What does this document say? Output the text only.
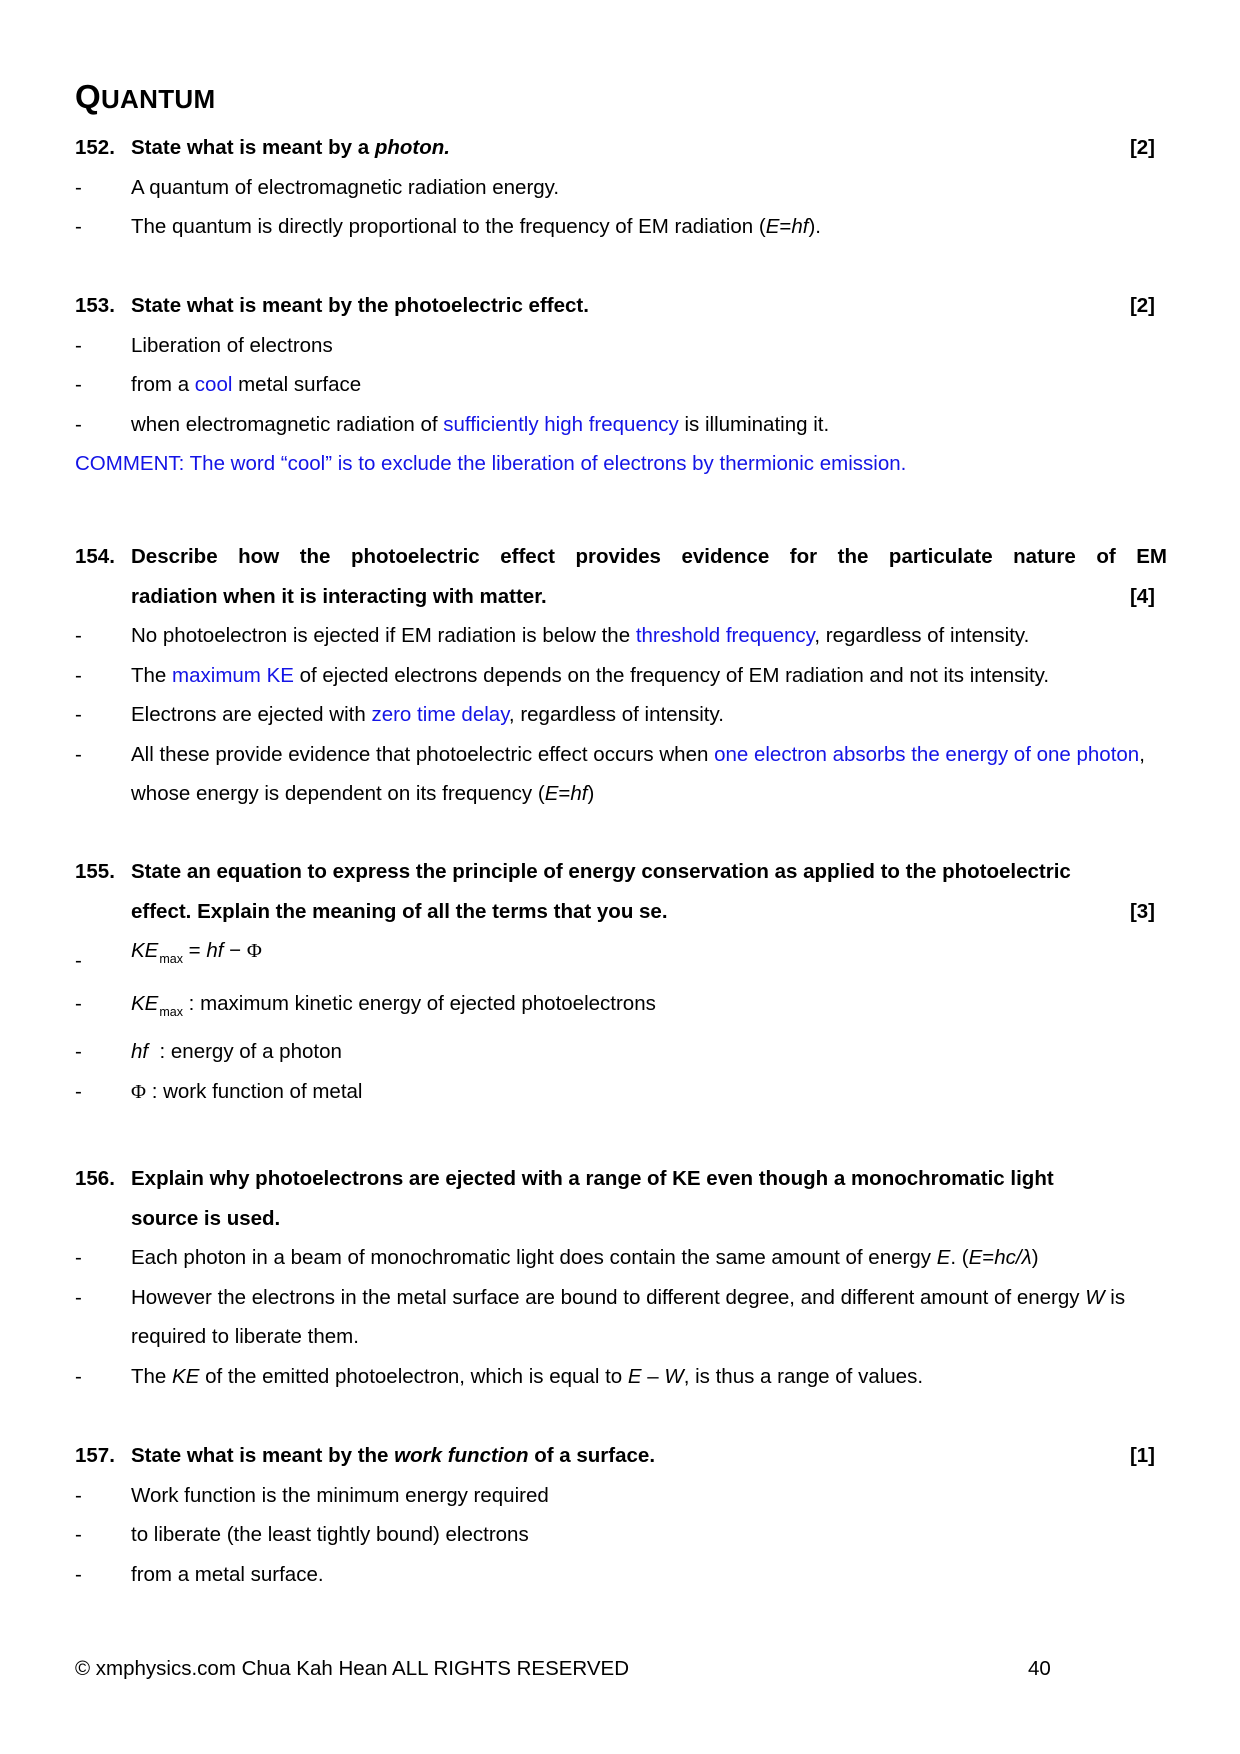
QUANTUM
152. State what is meant by a photon.	[2]
- A quantum of electromagnetic radiation energy.
- The quantum is directly proportional to the frequency of EM radiation (E=hf).
153. State what is meant by the photoelectric effect.	[2]
- Liberation of electrons
- from a cool metal surface
- when electromagnetic radiation of sufficiently high frequency is illuminating it.
COMMENT: The word “cool” is to exclude the liberation of electrons by thermionic emission.
154. Describe how the photoelectric effect provides evidence for the particulate nature of EM
radiation when it is interacting with matter.	[4]
- No photoelectron is ejected if EM radiation is below the threshold frequency, regardless of intensity.
- The maximum KE of ejected electrons depends on the frequency of EM radiation and not its intensity.
- Electrons are ejected with zero time delay, regardless of intensity.
- All these provide evidence that photoelectric effect occurs when one electron absorbs the energy of one photon, whose energy is dependent on its frequency (E=hf)
155. State an equation to express the principle of energy conservation as applied to the photoelectric
effect. Explain the meaning of all the terms that you se.	[3]
- $KE_{max}$ = hf − Φ
- $KE_{max}$ : maximum kinetic energy of ejected photoelectrons
- hf  : energy of a photon
- Φ : work function of metal
156. Explain why photoelectrons are ejected with a range of KE even though a monochromatic light
source is used.
- Each photon in a beam of monochromatic light does contain the same amount of energy E. (E=hc/λ)
- However the electrons in the metal surface are bound to different degree, and different amount of energy W is required to liberate them.
- The KE of the emitted photoelectron, which is equal to E – W, is thus a range of values.
157. State what is meant by the work function of a surface.	[1]
- Work function is the minimum energy required
- to liberate (the least tightly bound) electrons
- from a metal surface.
© xmphysics.com Chua Kah Hean ALL RIGHTS RESERVED	40
